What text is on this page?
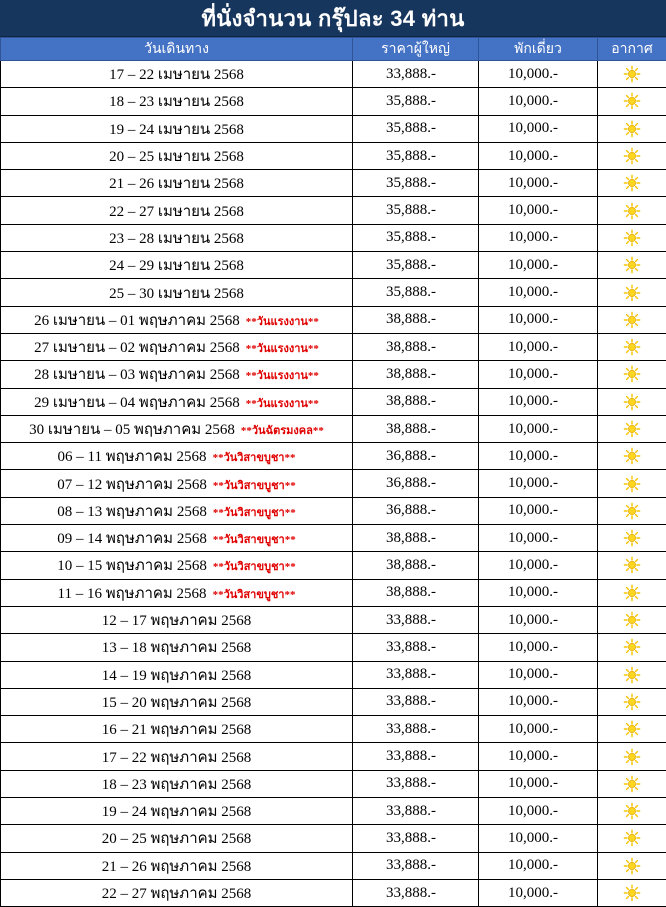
ที่นั่งจำนวน กรุ๊ปละ 34 ท่าน
วันเดินทาง	ราคาผู้ใหญ่	พักเดี่ยว	อากาศ
17 – 22 เมษายน 2568	33,888.-	10,000.-	
18 – 23 เมษายน 2568	35,888.-	10,000.-	
19 – 24 เมษายน 2568	35,888.-	10,000.-	
20 – 25 เมษายน 2568	35,888.-	10,000.-	
21 – 26 เมษายน 2568	35,888.-	10,000.-	
22 – 27 เมษายน 2568	35,888.-	10,000.-	
23 – 28 เมษายน 2568	35,888.-	10,000.-	
24 – 29 เมษายน 2568	35,888.-	10,000.-	
25 – 30 เมษายน 2568	35,888.-	10,000.-	
26 เมษายน – 01 พฤษภาคม 2568 **วันแรงงาน**	38,888.-	10,000.-	
27 เมษายน – 02 พฤษภาคม 2568 **วันแรงงาน**	38,888.-	10,000.-	
28 เมษายน – 03 พฤษภาคม 2568 **วันแรงงาน**	38,888.-	10,000.-	
29 เมษายน – 04 พฤษภาคม 2568 **วันแรงงาน**	38,888.-	10,000.-	
30 เมษายน – 05 พฤษภาคม 2568 **วันฉัตรมงคล**	38,888.-	10,000.-	
06 – 11 พฤษภาคม 2568 **วันวิสาขบูชา**	36,888.-	10,000.-	
07 – 12 พฤษภาคม 2568 **วันวิสาขบูชา**	36,888.-	10,000.-	
08 – 13 พฤษภาคม 2568 **วันวิสาขบูชา**	36,888.-	10,000.-	
09 – 14 พฤษภาคม 2568 **วันวิสาขบูชา**	38,888.-	10,000.-	
10 – 15 พฤษภาคม 2568 **วันวิสาขบูชา**	38,888.-	10,000.-	
11 – 16 พฤษภาคม 2568 **วันวิสาขบูชา**	38,888.-	10,000.-	
12 – 17 พฤษภาคม 2568	33,888.-	10,000.-	
13 – 18 พฤษภาคม 2568	33,888.-	10,000.-	
14 – 19 พฤษภาคม 2568	33,888.-	10,000.-	
15 – 20 พฤษภาคม 2568	33,888.-	10,000.-	
16 – 21 พฤษภาคม 2568	33,888.-	10,000.-	
17 – 22 พฤษภาคม 2568	33,888.-	10,000.-	
18 – 23 พฤษภาคม 2568	33,888.-	10,000.-	
19 – 24 พฤษภาคม 2568	33,888.-	10,000.-	
20 – 25 พฤษภาคม 2568	33,888.-	10,000.-	
21 – 26 พฤษภาคม 2568	33,888.-	10,000.-	
22 – 27 พฤษภาคม 2568	33,888.-	10,000.-	
